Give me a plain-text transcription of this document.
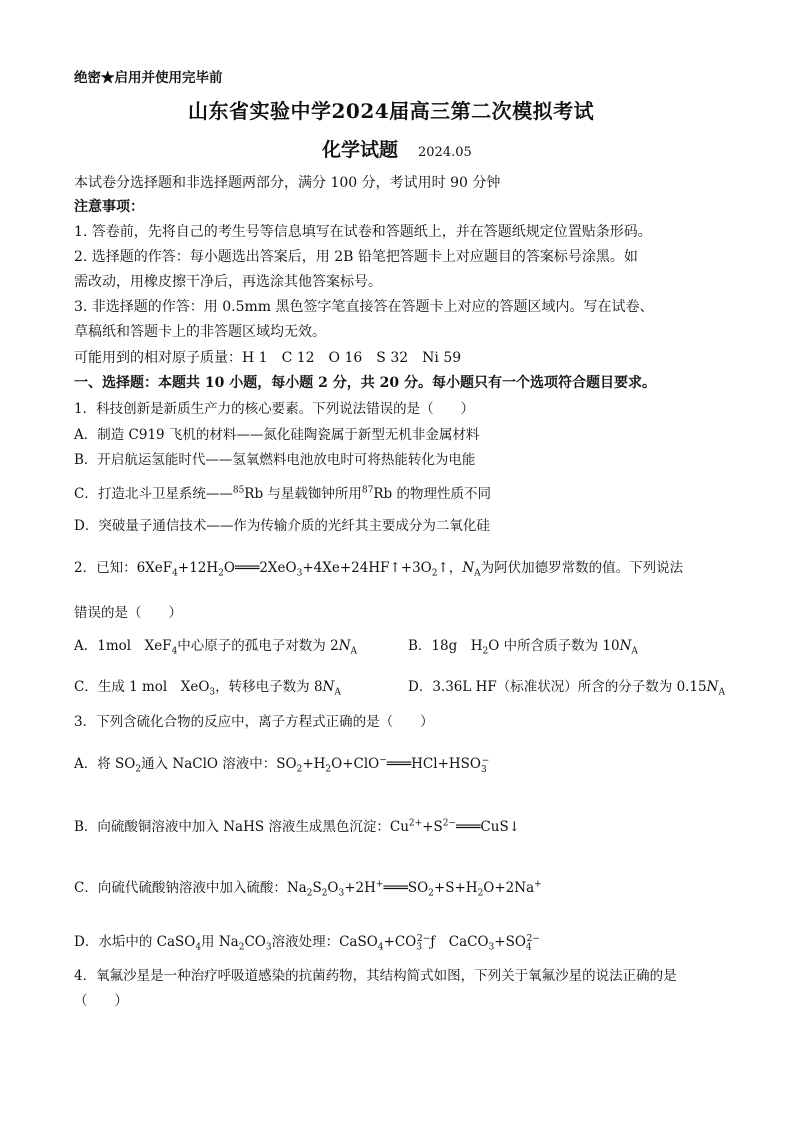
绝密★启用并使用完毕前
山东省实验中学2024届高三第二次模拟考试
化学试题 2024.05
本试卷分选择题和非选择题两部分，满分 100 分，考试用时 90 分钟
注意事项：
1. 答卷前，先将自己的考生号等信息填写在试卷和答题纸上，并在答题纸规定位置贴条形码。
2. 选择题的作答：每小题选出答案后，用 2B 铅笔把答题卡上对应题目的答案标号涂黑。如
需改动，用橡皮擦干净后，再选涂其他答案标号。
3. 非选择题的作答：用 0.5mm 黑色签字笔直接答在答题卡上对应的答题区域内。写在试卷、
草稿纸和答题卡上的非答题区域均无效。
可能用到的相对原子质量：H 1　C 12　O 16　S 32　Ni 59
一、选择题：本题共 10 小题，每小题 2 分，共 20 分。每小题只有一个选项符合题目要求。
1．科技创新是新质生产力的核心要素。下列说法错误的是（　　）
A．制造 C919 飞机的材料——氮化硅陶瓷属于新型无机非金属材料
B．开启航运氢能时代——氢氧燃料电池放电时可将热能转化为电能
C．打造北斗卫星系统——$^{85}$Rb 与星载铷钟所用$^{87}$Rb 的物理性质不同
D．突破量子通信技术——作为传输介质的光纤其主要成分为二氧化硅
2．已知：$6XeF_4+12H_2O═══2XeO_3+4Xe+24HF↑+3O_2↑$，$N_A$为阿伏加德罗常数的值。下列说法
错误的是（　　）
A．1mol　XeF$_4$中心原子的孤电子对数为 $2N_A$	B．18g　$H_2O$ 中所含质子数为 $10N_A$
C．生成 1 mol　XeO$_3$，转移电子数为 $8N_A$	D．3.36L HF（标准状况）所含的分子数为 $0.15N_A$
3．下列含硫化合物的反应中，离子方程式正确的是（　　）
A．将 $SO_2$通入 NaClO 溶液中：$SO_2+H_2O+ClO^-═══HCl+HSO_3^-$
B．向硫酸铜溶液中加入 NaHS 溶液生成黑色沉淀：$Cu^{2+}+S^{2-}═══CuS↓$
C．向硫代硫酸钠溶液中加入硫酸：$Na_2S_2O_3+2H^+═══SO_2+S+H_2O+2Na^+$
D．水垢中的 CaSO$_4$用 $Na_2CO_3$溶液处理：$CaSO_4+CO_3^{2-}ƒ$　$CaCO_3+SO_4^{2-}$
4．氧氟沙星是一种治疗呼吸道感染的抗菌药物，其结构简式如图，下列关于氧氟沙星的说法正确的是
（　　）
